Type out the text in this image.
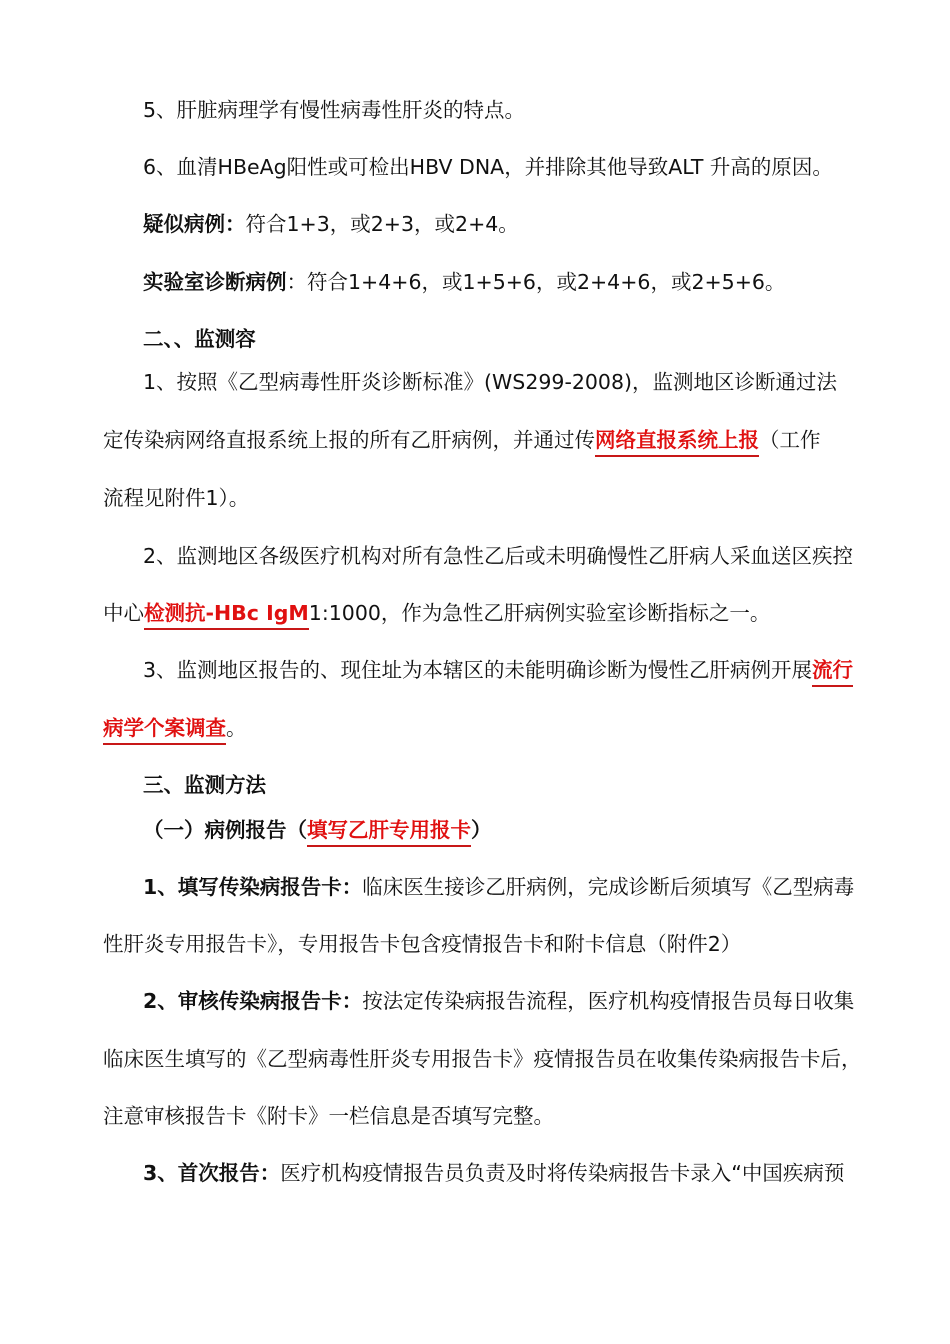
5、肝脏病理学有慢性病毒性肝炎的特点。
6、血清HBeAg阳性或可检出HBV DNA，并排除其他导致ALT 升高的原因。
疑似病例：符合1+3，或2+3，或2+4。
实验室诊断病例：符合1+4+6，或1+5+6，或2+4+6，或2+5+6。
二、、监测容
1、按照《乙型病毒性肝炎诊断标准》(WS299-2008)，监测地区诊断通过法
定传染病网络直报系统上报的所有乙肝病例，并通过传网络直报系统上报（工作
流程见附件1）。
2、监测地区各级医疗机构对所有急性乙后或未明确慢性乙肝病人采血送区疾控
中心检测抗-HBc IgM1:1000，作为急性乙肝病例实验室诊断指标之一。
3、监测地区报告的、现住址为本辖区的未能明确诊断为慢性乙肝病例开展流行
病学个案调查。
三、监测方法
（一）病例报告（填写乙肝专用报卡）
1、填写传染病报告卡：临床医生接诊乙肝病例，完成诊断后须填写《乙型病毒
性肝炎专用报告卡》，专用报告卡包含疫情报告卡和附卡信息（附件2）
2、审核传染病报告卡：按法定传染病报告流程，医疗机构疫情报告员每日收集
临床医生填写的《乙型病毒性肝炎专用报告卡》疫情报告员在收集传染病报告卡后，
注意审核报告卡《附卡》一栏信息是否填写完整。
3、首次报告：医疗机构疫情报告员负责及时将传染病报告卡录入“中国疾病预
